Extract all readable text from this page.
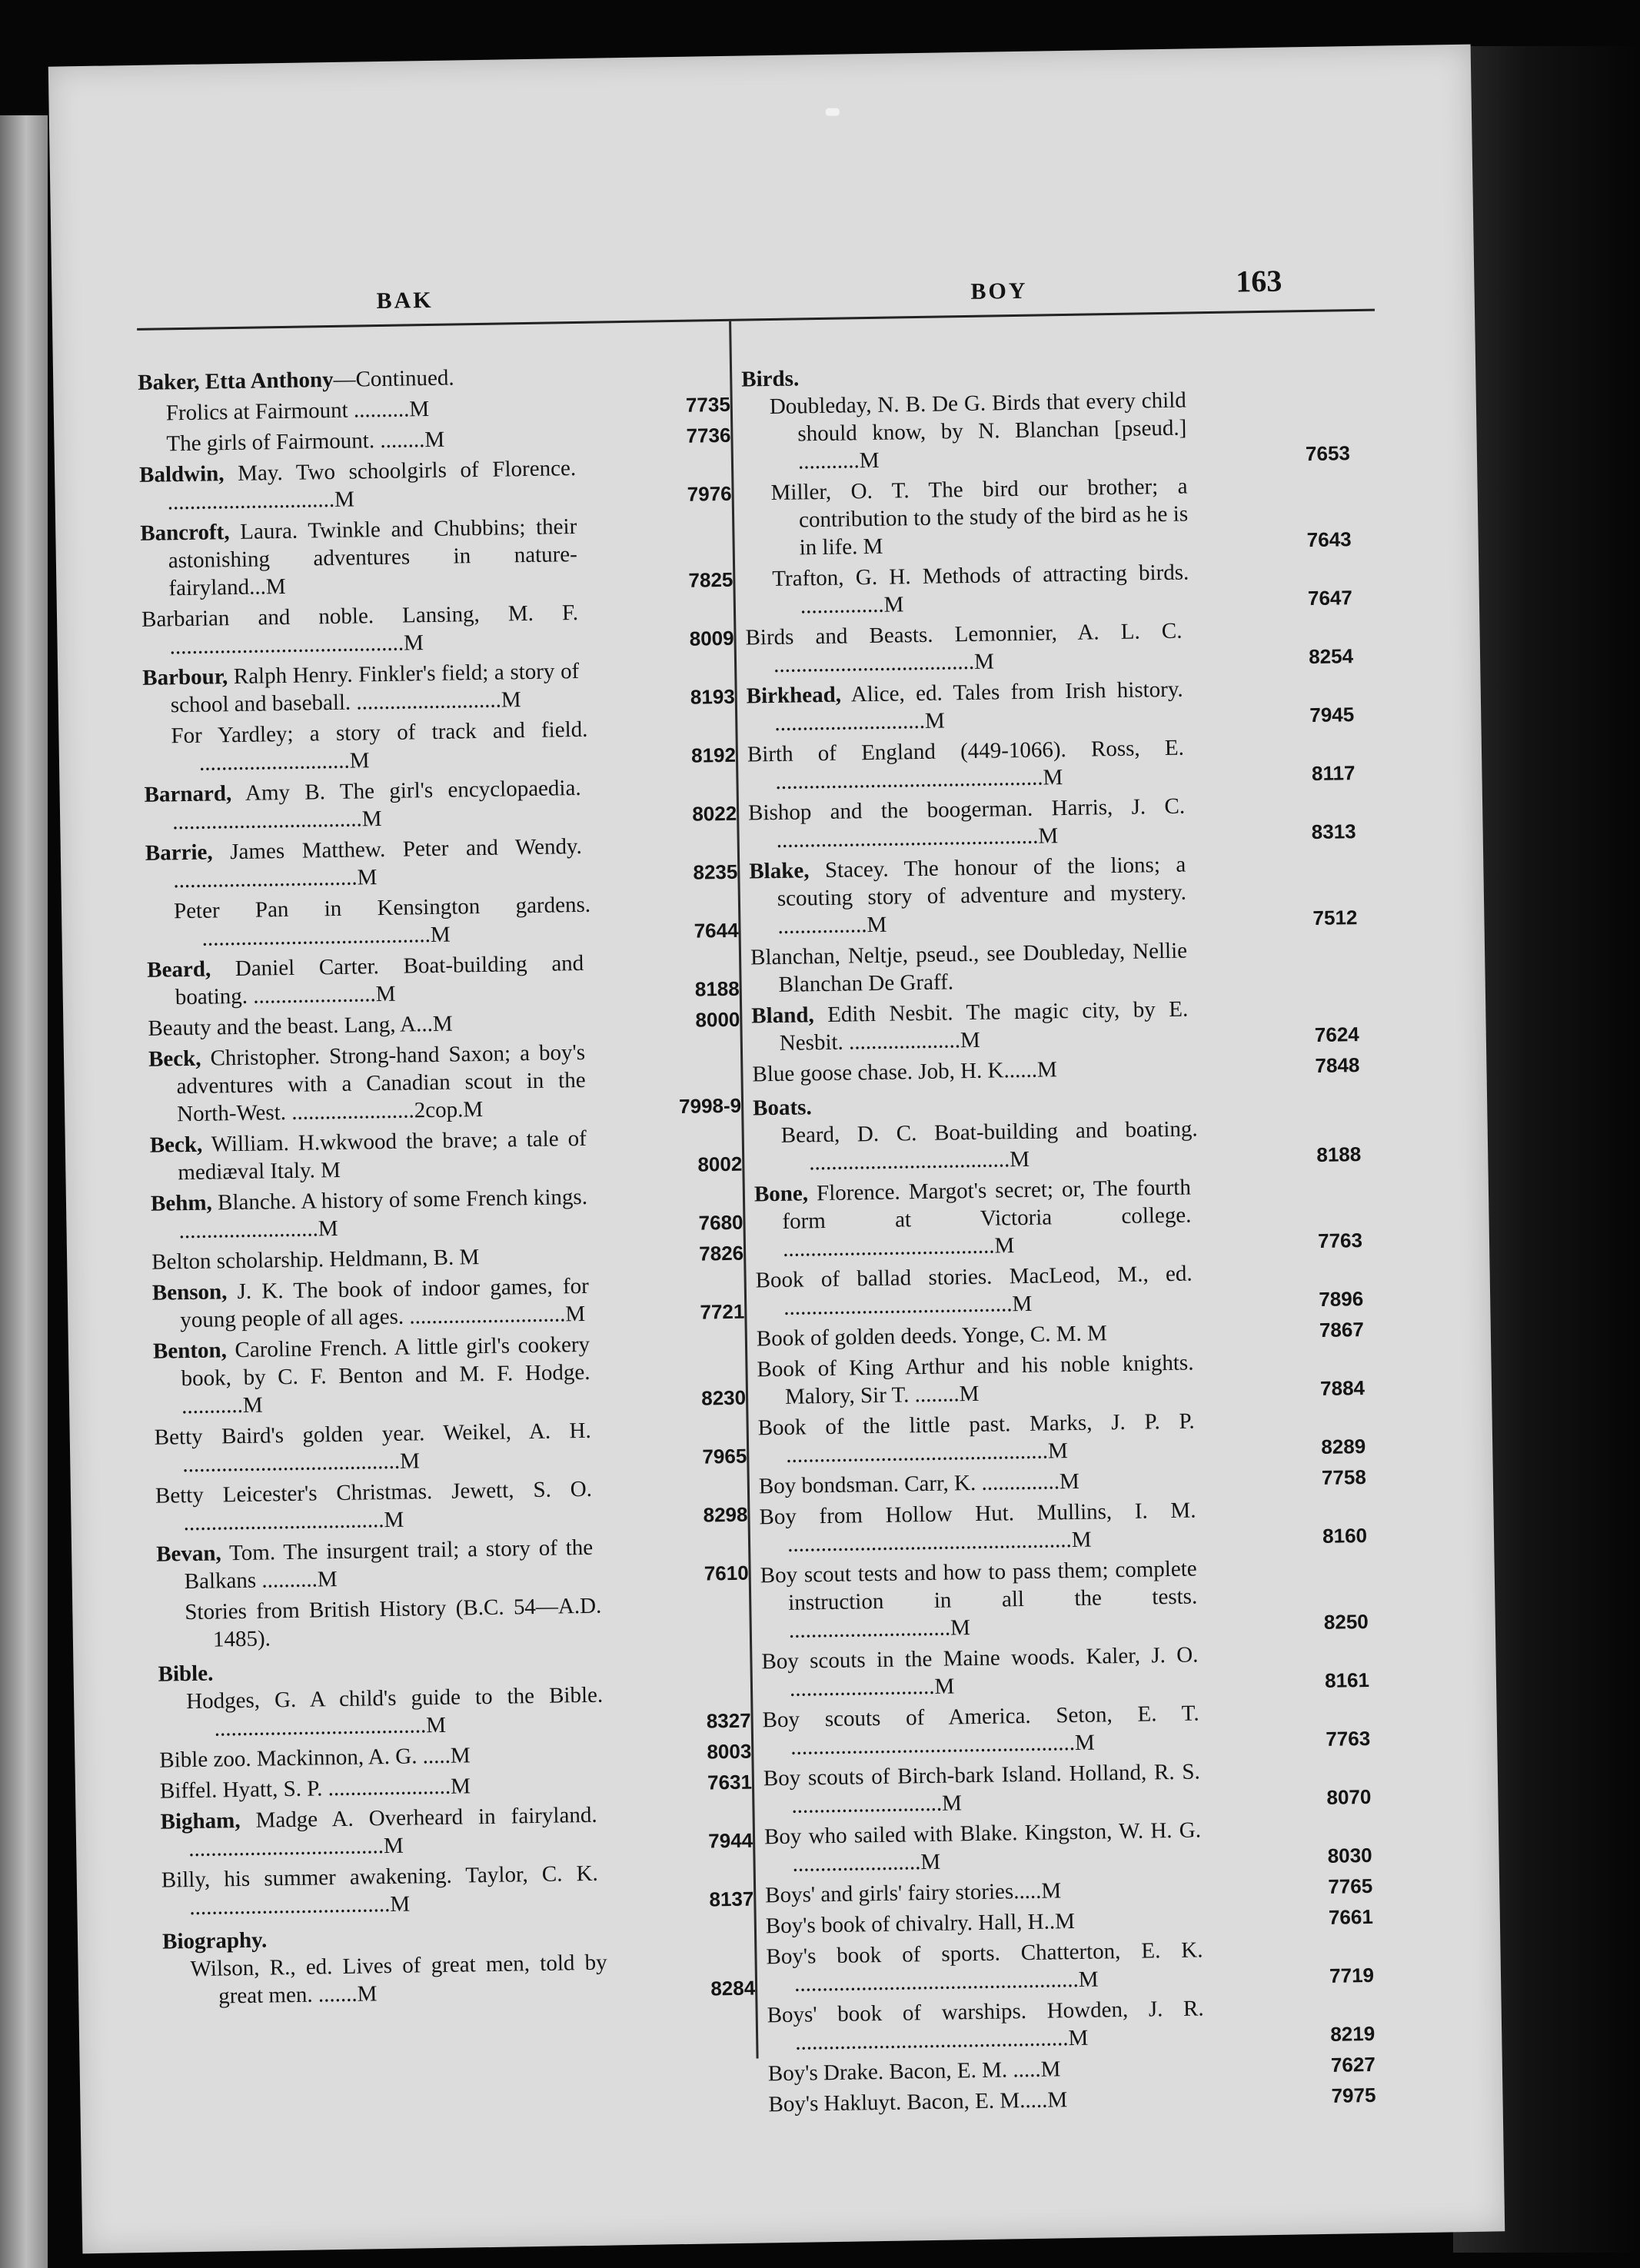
BAK	BOY	163
Baker, Etta Anthony—Continued.
Frolics at Fairmount ..........M	7735
The girls of Fairmount. ........M	7736
Baldwin, May. Two schoolgirls of Florence. ..............................M	7976
Bancroft, Laura. Twinkle and Chubbins; their astonishing adventures in nature-fairyland...M	7825
Barbarian and noble. Lansing, M. F. ..........................................M	8009
Barbour, Ralph Henry. Finkler's field; a story of school and baseball. ..........................M	8193
For Yardley; a story of track and field. ...........................M	8192
Barnard, Amy B. The girl's encyclopaedia. ..................................M	8022
Barrie, James Matthew. Peter and Wendy. .................................M	8235
Peter Pan in Kensington gardens. .........................................M	7644
Beard, Daniel Carter. Boat-building and boating. ......................M	8188
Beauty and the beast. Lang, A...M	8000
Beck, Christopher. Strong-hand Saxon; a boy's adventures with a Canadian scout in the North-West. ......................2cop.M	7998-9
Beck, William. H.wkwood the brave; a tale of mediæval Italy. M	8002
Behm, Blanche. A history of some French kings. .........................M	7680
Belton scholarship. Heldmann, B. M	7826
Benson, J. K. The book of indoor games, for young people of all ages. ............................M	7721
Benton, Caroline French. A little girl's cookery book, by C. F. Benton and M. F. Hodge. ...........M	8230
Betty Baird's golden year. Weikel, A. H. .......................................M	7965
Betty Leicester's Christmas. Jewett, S. O. ....................................M	8298
Bevan, Tom. The insurgent trail; a story of the Balkans ..........M	7610
Stories from British History (B.C. 54—A.D. 1485).
Bible.
Hodges, G. A child's guide to the Bible. ......................................M	8327
Bible zoo. Mackinnon, A. G. .....M	8003
Biffel. Hyatt, S. P. ......................M	7631
Bigham, Madge A. Overheard in fairyland. ...................................M	7944
Billy, his summer awakening. Taylor, C. K. ....................................M	8137
Biography.
Wilson, R., ed. Lives of great men, told by great men. .......M	8284
Birds.
Doubleday, N. B. De G. Birds that every child should know, by N. Blanchan [pseud.] ...........M	7653
Miller, O. T. The bird our brother; a contribution to the study of the bird as he is in life. M	7643
Trafton, G. H. Methods of attracting birds. ...............M	7647
Birds and Beasts. Lemonnier, A. L. C. ....................................M	8254
Birkhead, Alice, ed. Tales from Irish history. ...........................M	7945
Birth of England (449-1066). Ross, E. ................................................M	8117
Bishop and the boogerman. Harris, J. C. ...............................................M	8313
Blake, Stacey. The honour of the lions; a scouting story of adventure and mystery. ................M	7512
Blanchan, Neltje, pseud., see Doubleday, Nellie Blanchan De Graff.
Bland, Edith Nesbit. The magic city, by E. Nesbit. ....................M	7624
Blue goose chase. Job, H. K......M	7848
Boats.
Beard, D. C. Boat-building and boating. ....................................M	8188
Bone, Florence. Margot's secret; or, The fourth form at Victoria college. ......................................M	7763
Book of ballad stories. MacLeod, M., ed. .........................................M	7896
Book of golden deeds. Yonge, C. M. M	7867
Book of King Arthur and his noble knights. Malory, Sir T. ........M	7884
Book of the little past. Marks, J. P. P. ...............................................M	8289
Boy bondsman. Carr, K. ..............M	7758
Boy from Hollow Hut. Mullins, I. M. ...................................................M	8160
Boy scout tests and how to pass them; complete instruction in all the tests. .............................M	8250
Boy scouts in the Maine woods. Kaler, J. O. ..........................M	8161
Boy scouts of America. Seton, E. T. ...................................................M	7763
Boy scouts of Birch-bark Island. Holland, R. S. ...........................M	8070
Boy who sailed with Blake. Kingston, W. H. G. .......................M	8030
Boys' and girls' fairy stories.....M	7765
Boy's book of chivalry. Hall, H..M	7661
Boy's book of sports. Chatterton, E. K. ...................................................M	7719
Boys' book of warships. Howden, J. R. .................................................M	8219
Boy's Drake. Bacon, E. M. .....M	7627
Boy's Hakluyt. Bacon, E. M.....M	7975
